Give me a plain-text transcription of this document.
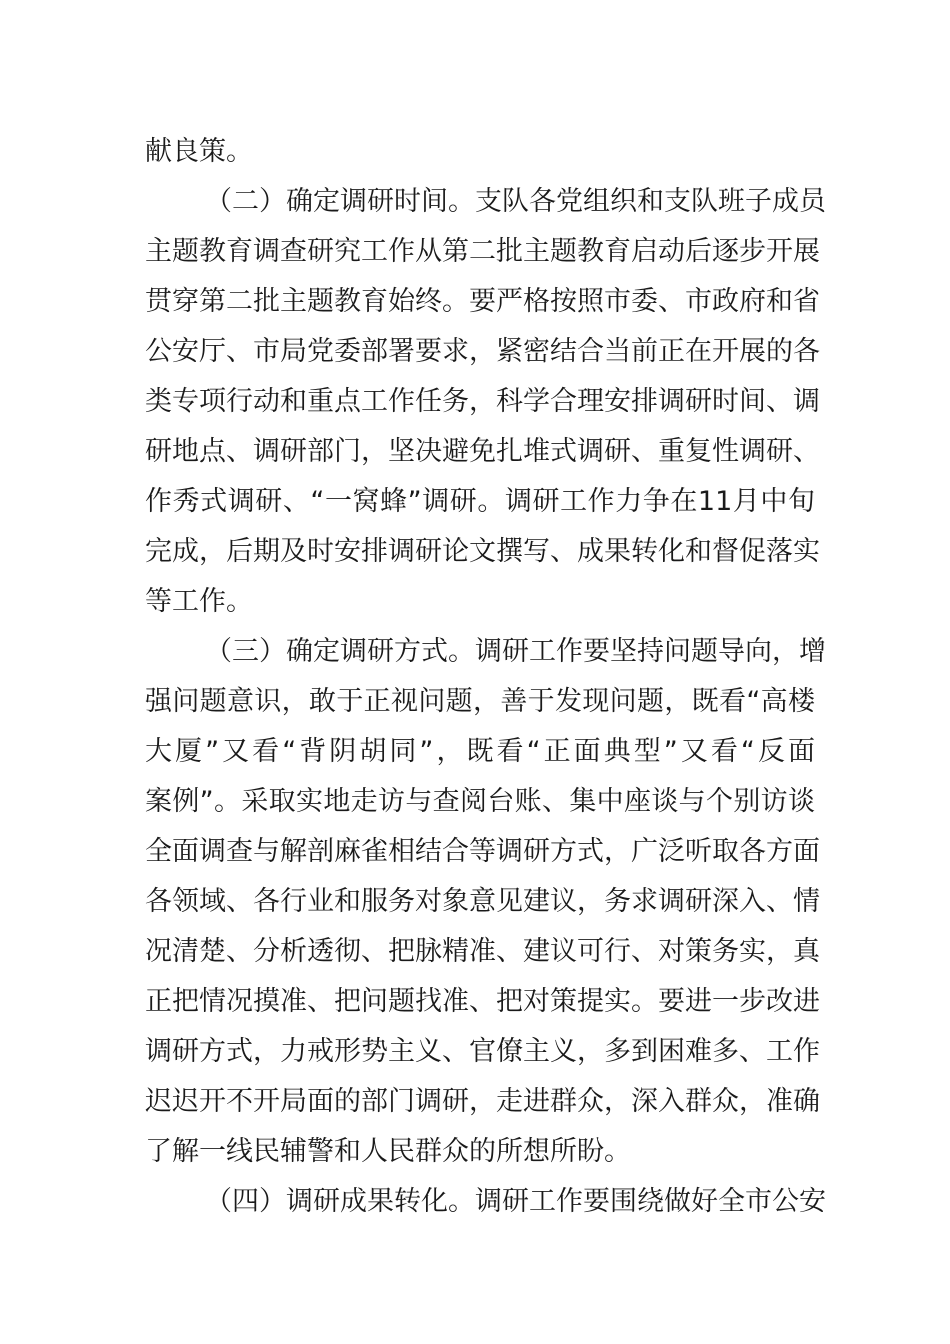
献良策。
（二）确定调研时间。支队各党组织和支队班子成员
主题教育调查研究工作从第二批主题教育启动后逐步开展
贯穿第二批主题教育始终。要严格按照市委、市政府和省
公安厅、市局党委部署要求，紧密结合当前正在开展的各
类专项行动和重点工作任务，科学合理安排调研时间、调
研地点、调研部门，坚决避免扎堆式调研、重复性调研、
作秀式调研、“一窝蜂”调研。调研工作力争在11月中旬
完成，后期及时安排调研论文撰写、成果转化和督促落实
等工作。
（三）确定调研方式。调研工作要坚持问题导向，增
强问题意识，敢于正视问题，善于发现问题，既看“高楼
大厦”又看“背阴胡同”，既看“正面典型”又看“反面
案例”。采取实地走访与查阅台账、集中座谈与个别访谈
全面调查与解剖麻雀相结合等调研方式，广泛听取各方面
各领域、各行业和服务对象意见建议，务求调研深入、情
况清楚、分析透彻、把脉精准、建议可行、对策务实，真
正把情况摸准、把问题找准、把对策提实。要进一步改进
调研方式，力戒形势主义、官僚主义，多到困难多、工作
迟迟开不开局面的部门调研，走进群众，深入群众，准确
了解一线民辅警和人民群众的所想所盼。
（四）调研成果转化。调研工作要围绕做好全市公安
